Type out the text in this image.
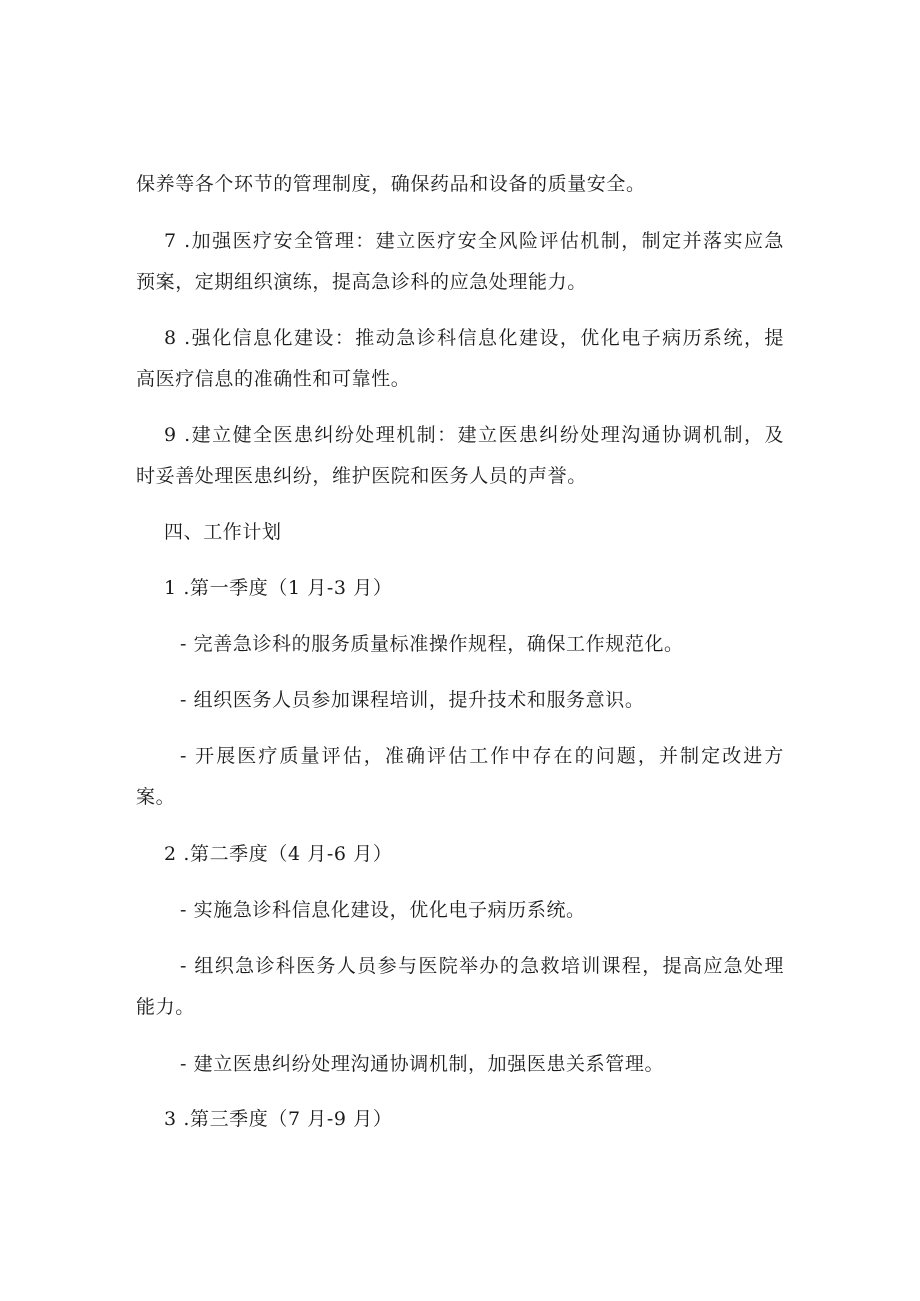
保养等各个环节的管理制度，确保药品和设备的质量安全。
7 .加强医疗安全管理：建立医疗安全风险评估机制，制定并落实应急
预案，定期组织演练，提高急诊科的应急处理能力。
8 .强化信息化建设：推动急诊科信息化建设，优化电子病历系统，提
高医疗信息的准确性和可靠性。
9 .建立健全医患纠纷处理机制：建立医患纠纷处理沟通协调机制，及
时妥善处理医患纠纷，维护医院和医务人员的声誉。
四、工作计划
1 .第一季度（1 月-3 月）
- 完善急诊科的服务质量标准操作规程，确保工作规范化。
- 组织医务人员参加课程培训，提升技术和服务意识。
- 开展医疗质量评估，准确评估工作中存在的问题，并制定改进方
案。
2 .第二季度（4 月-6 月）
- 实施急诊科信息化建设，优化电子病历系统。
- 组织急诊科医务人员参与医院举办的急救培训课程，提高应急处理
能力。
- 建立医患纠纷处理沟通协调机制，加强医患关系管理。
3 .第三季度（7 月-9 月）
